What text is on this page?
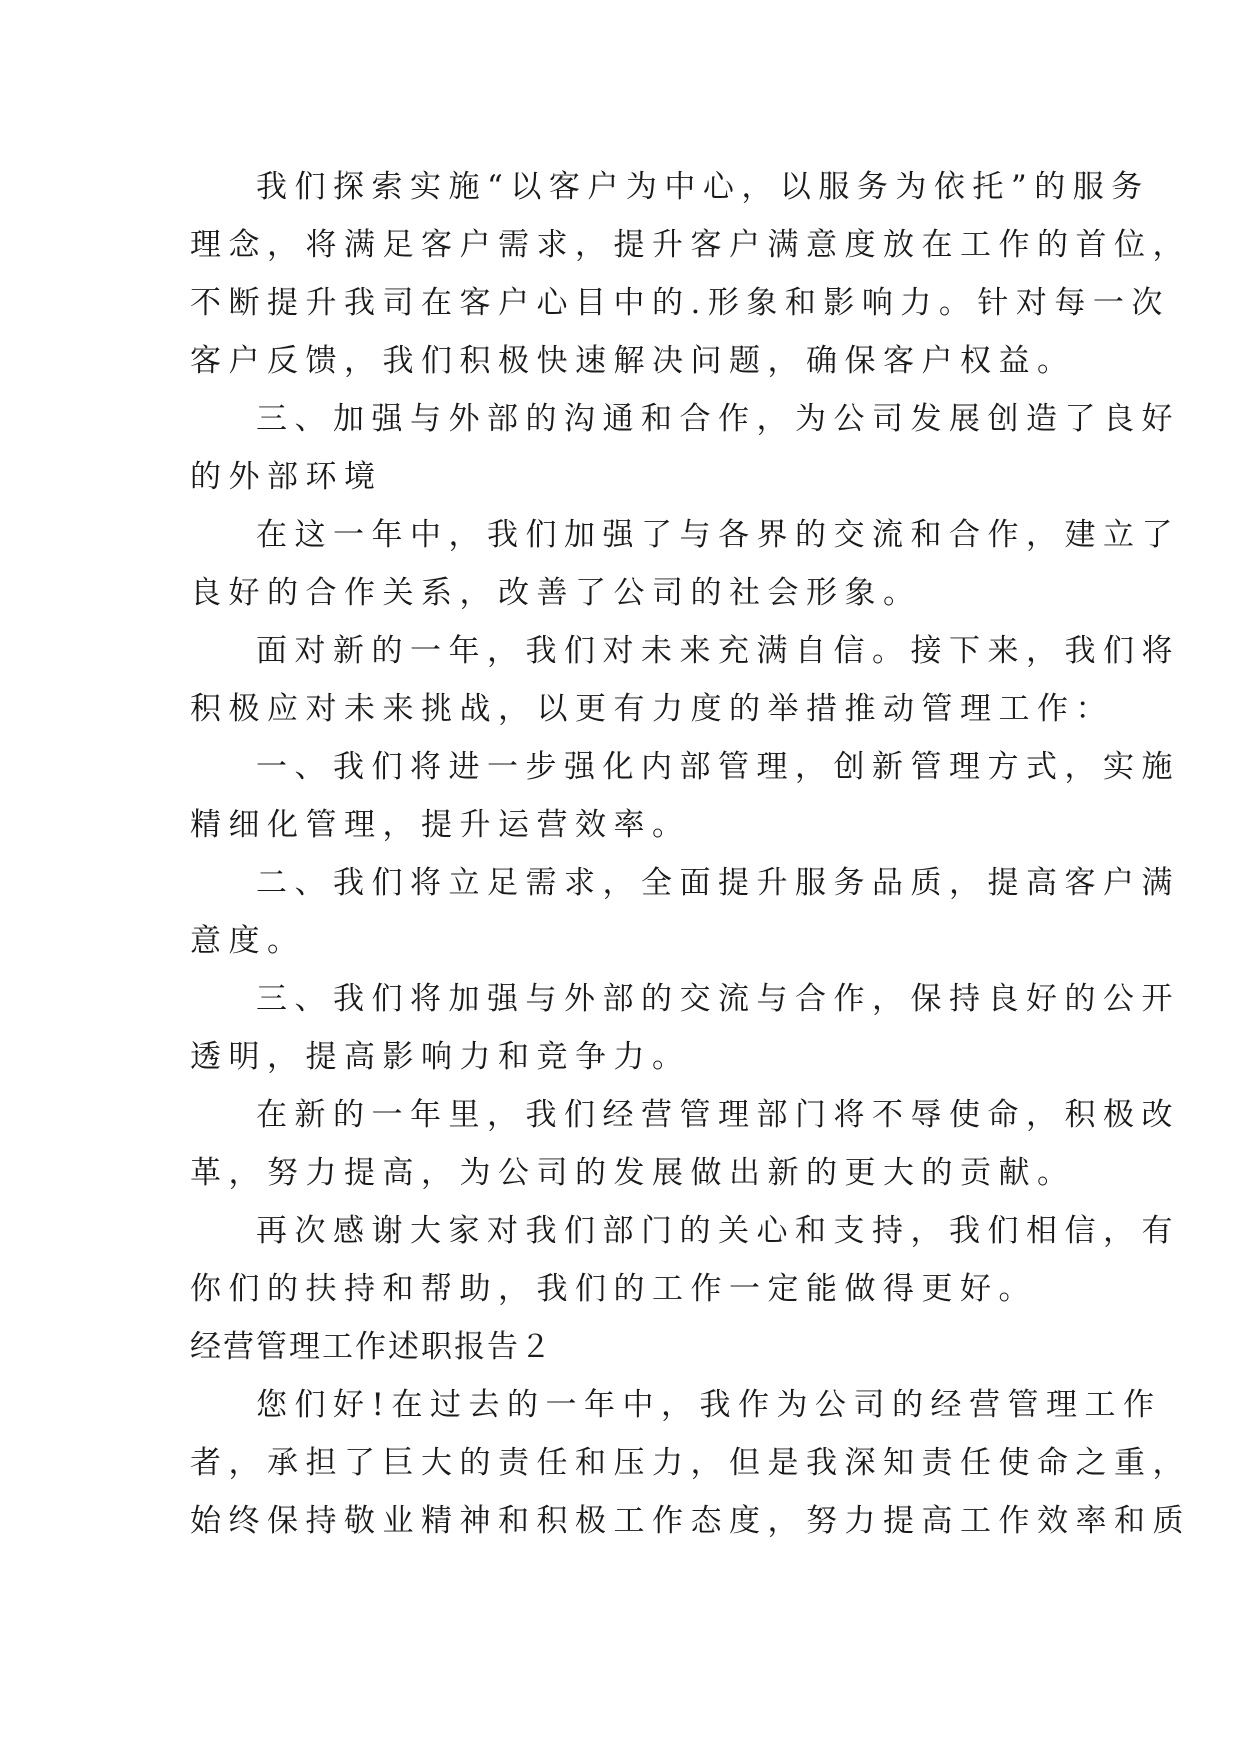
我们探索实施“以客户为中心，以服务为依托”的服务
理念，将满足客户需求，提升客户满意度放在工作的首位，
不断提升我司在客户心目中的.形象和影响力。针对每一次
客户反馈，我们积极快速解决问题，确保客户权益。
三、加强与外部的沟通和合作，为公司发展创造了良好
的外部环境
在这一年中，我们加强了与各界的交流和合作，建立了
良好的合作关系，改善了公司的社会形象。
面对新的一年，我们对未来充满自信。接下来，我们将
积极应对未来挑战，以更有力度的举措推动管理工作：
一、我们将进一步强化内部管理，创新管理方式，实施
精细化管理，提升运营效率。
二、我们将立足需求，全面提升服务品质，提高客户满
意度。
三、我们将加强与外部的交流与合作，保持良好的公开
透明，提高影响力和竞争力。
在新的一年里，我们经营管理部门将不辱使命，积极改
革，努力提高，为公司的发展做出新的更大的贡献。
再次感谢大家对我们部门的关心和支持，我们相信，有
你们的扶持和帮助，我们的工作一定能做得更好。
经营管理工作述职报告２
您们好!在过去的一年中，我作为公司的经营管理工作
者，承担了巨大的责任和压力，但是我深知责任使命之重，
始终保持敬业精神和积极工作态度，努力提高工作效率和质
